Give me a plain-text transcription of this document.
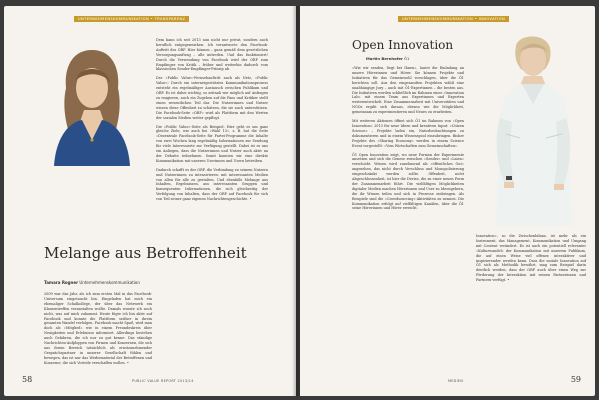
UNTERNEHMENSKOMMUNIKATION • TRANSPARENZ
Melange aus Betroffenheit
Tamara Rogner Unternehmenskommunikation

2009 war das Jahr, als ich zum ersten Mal in das Facebook-Universum eingetaucht bin. Eingeladen hat mich ein ehemaliger Schulkollege, der über das Netzwerk ein Klassentreffen veranstalten wollte. Damals wusste ich noch nicht, was auf mich zukommt. Heute fügte ich bin aktiv auf Facebook und konnte die Plattform seither in ihrem gesamten Wandel verfolgen. Facebook macht Spaß, wird man doch als »Mitglied« wie in einem Freundeskreis über Neuigkeiten und Erlebnisse informiert. Allerdings bestehen auch Gefahren, die ich nur zu gut kenne: Das ständige Nachrichten-Aufploppen von Firmen und Konzernen, die sich aus ihrem Bereich tatsächlich als ernstzunehmender Gesprächspartner in unserer Gesellschaft fühlen und bewegen, das ist nur das Werbematerial der Betroffenen und Konzerne, die sich Vorteile verschaffen wollen. •

Dem kann ich seit 2013 nun nicht nur privat, sondern auch beruflich entgegenwirken: Ich verantworte den Facebook-Auftritt des ORF. Hier können – ganz gemäß dem gesetzlichen Versorgungsauftrag – alle mitreden. Und das funktioniert! Durch die Verwendung von Facebook wird der ORF zum Empfänger von Kritik – früher und weiterhin dadurch vom klassischen Sender-Empfänger-Prinzip ab.

Der »Public Value«-Fernsehauftritt auch als Netz, »Public Value«: Durch ein internetgestütztes Kommunikationsprozess entsteht ein regelmäßiger Austausch zwischen Publikum und ORF. Es ist dabei wichtig, so zeitnah wie möglich auf Anfragen zu reagieren, auch ein Zugehen auf die Fans und Kritiker stellt einen wesentlichen Teil dar. Die Nutzerinnen und Nutzer wissen diese Offenheit zu schätzen, die sie auch unterstützen. Die Facebook-Seite »ORF« wird als Plattform mit den Werten der sozialen Medien weiter gepflegt.

Die »Public Value«-Seite als Beispiel: Hier geht es um ganz gleiche Ziele, wie auch bei »Wahl 13«, z. B. hat die Seite »Dezentrale Facebook-Seite für Partei-Programme die Inhalte von zwei Wochen lang regelmäßig Informationen zur Sendung für viele Interessierte zur Verfügung gestellt. Dabei ist es uns ein Anliegen, dass die Nutzerinnen und Nutzer auch aktiv an der Debatte teilnehmen. Somit konnten wir eine direkte Kommunikation mit unseren Userinnen und Usern betreiben.

Dadurch schafft es der ORF, die Verbindung zu seinem Nutzern und Nutzerinnen zu intensivieren: mit interessanten Medien von allen für alle zu gestalten. Und ebenfalls Melange aus Inhalten, Ergebnissen, aus interessanten Gruppen und konsequenten Informationen, die sich gleichzeitig der Verfolgung von Inhalten, dass der ORF auf Facebook für sich von Teil seiner ganz eigenen Nachrichtengeschichte. •

58	PUBLIC VALUE REPORT 2013/14
UNTERNEHMENSKOMMUNIKATION • INNOVATION
Open Innovation
Martin Bernhofer Ö1

»Wie wir senden, liegt bei Ihnen«, lautet die Einladung an unsere Hörerinnen und Hörer. Sie können Projekte und Initiativen für das Gemeinwohl vorschlagen, über die Ö1 berichten soll. Aus den eingesandten Projekten wählt eine unabhängige Jury – auch mit Ö1-Expertinnen – die besten aus. Die Initiativen werden schließlich im Rahmen einer »Innovation Lab« mit einem Team aus Expertinnen und Experten weiterentwickelt. Eine Zusammenarbeit mit Universitäten und NGOs ergibt sich daraus, ebenso wie die Möglichkeit, gemeinsam zu experimentieren und Neues zu erarbeiten.

Mit weiteren Aktionen öffnet sich Ö1 im Rahmen von »Open Innovation« 2013 für neue Ideen und kreativen Input: »Citizen Science« – Projekte laden ein, Naturbeobachtungen zu dokumentieren und in einem Wissenspool einzubringen. Bisher Projekte des »Sharing Economy« werden in einem Science Event vorgestellt: »Vom Wirtschaften zum Gemeinschaften«.

Ö1 Open Innovation zeigt, wo neue Formen der Experimente ansetzen und sich die Genese zwischen »Sender« und »Laien« verschiebt. Wissen wird zunehmend als »öffentliches Gut« angesehen, das nicht durch Verschluss und Monopolisierung eingeschränkt werden sollte. Offenheit, nicht Abgeschlossenheit, ist hier die Devise, die zu einer neuen Form der Zusammenarbeit führt. Die vielfältigen Möglichkeiten digitaler Medien machen Hörerinnen und User zu Ideengebern, die ihr Wissen teilen und sich in Prozesse einbringen. Als Beispiele sind die »Crowdsourcing«-Aktivitäten zu nennen. Die Kommunikation erfolgt auf vielfältigen Kanälen, über die Ö1 seine Hörerinnen und Hörer erreicht.

Innovation«, so die Zwischenbilanz, ist mehr als ein Instrument, das Management, Kommunikation und Umgang mit Content verändert. Es ist auch ein potentiell relevanter »Kulturwandel« der Kommunikation mit unserem Publikum, die auf einen Weise viel offener, interaktiver und inspirierender werden kann. Dass die soziale Innovation auf Ö1 sich als Methodik bewährt, mag zum Beispiel darin deutlich werden, dass der ORF auch über einen Weg zur Förderung der Interaktion mit seinen Partnerinnen und Partnern verfügt. •

MEDIEN	59
